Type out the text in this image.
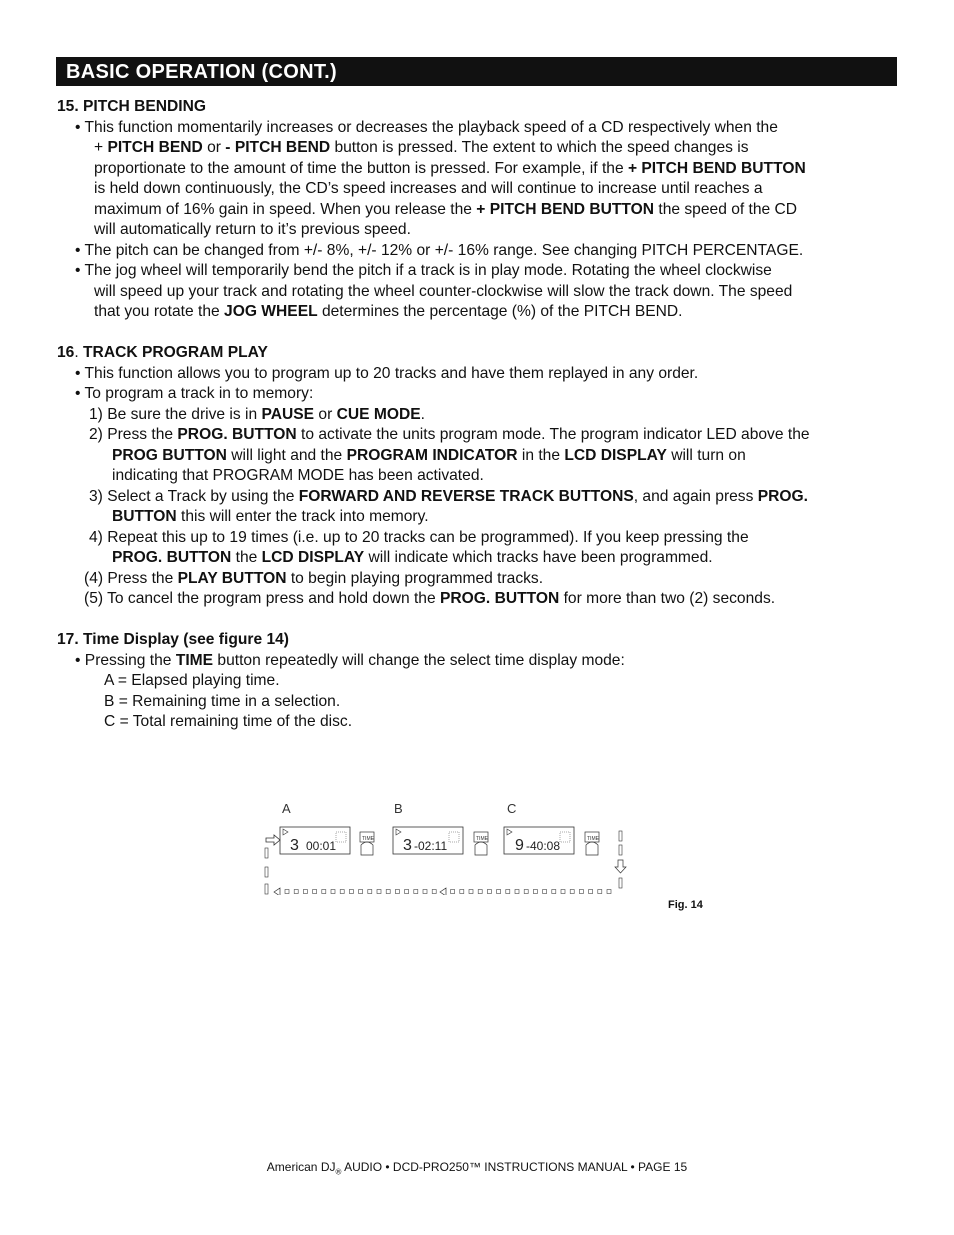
BASIC OPERATION (CONT.)

15. PITCH BENDING

• This function momentarily increases or decreases the playback speed of a CD respectively when the

+ PITCH BEND or - PITCH BEND button is pressed. The extent to which the speed changes is

proportionate to the amount of time the button is pressed. For example, if the + PITCH BEND BUTTON

is held down continuously, the CD’s speed increases and will continue to increase until reaches a

maximum of 16% gain in speed. When you release the + PITCH BEND BUTTON the speed of the CD

will automatically return to it’s previous speed.

• The pitch can be changed from +/- 8%, +/- 12% or +/- 16% range. See changing PITCH PERCENTAGE.

• The jog wheel will temporarily bend the pitch if a track is in play mode. Rotating the wheel clockwise

will speed up your track and rotating the wheel counter-clockwise will slow the track down. The speed

that you rotate the JOG WHEEL determines the percentage (%) of the PITCH BEND.

16. TRACK PROGRAM PLAY

• This function allows you to program up to 20 tracks and have them replayed in any order.

• To program a track in to memory:

1) Be sure the drive is in PAUSE or CUE MODE.

2) Press the PROG. BUTTON to activate the units program mode. The program indicator LED above the

PROG BUTTON will light and the PROGRAM INDICATOR in the LCD DISPLAY will turn on

indicating that PROGRAM MODE has been activated.

3) Select a Track by using the FORWARD AND REVERSE TRACK BUTTONS, and again press PROG.

BUTTON this will enter the track into memory.

4) Repeat this up to 19 times (i.e. up to 20 tracks can be programmed). If you keep pressing the

PROG. BUTTON the LCD DISPLAY will indicate which tracks have been programmed.

(4) Press the PLAY BUTTON to begin playing programmed tracks.

(5) To cancel the program press and hold down the PROG. BUTTON for more than two (2) seconds.

17. Time Display (see figure 14)

• Pressing the TIME button repeatedly will change the select time display mode:

A = Elapsed playing time.

B = Remaining time in a selection.

C = Total remaining time of the disc.

A	B	C
3 00:01	TIME 3 -02:11	TIME 9 -40:08	TIME
Fig. 14
American $DJ_®$ AUDIO • DCD-PRO250™ INSTRUCTIONS MANUAL • PAGE 15
